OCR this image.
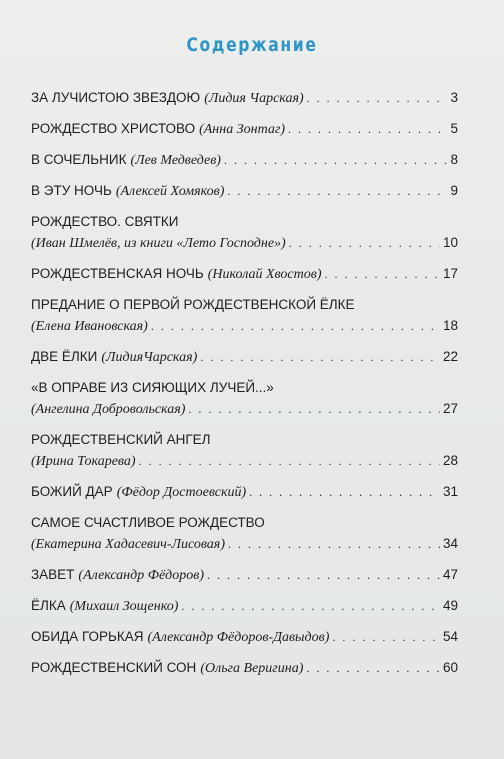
Содержание
ЗА ЛУЧИСТОЮ ЗВЕЗДОЮ (Лидия Чарская) . . .	3
РОЖДЕСТВО ХРИСТОВО (Анна Зонтаг) . . .	5
В СОЧЕЛЬНИК (Лев Медведев) . . .	8
В ЭТУ НОЧЬ (Алексей Хомяков) . . .	9
РОЖДЕСТВО. СВЯТКИ
(Иван Шмелёв, из книги «Лето Господне») . . .	10
РОЖДЕСТВЕНСКАЯ НОЧЬ (Николай Хвостов) . . .	17
ПРЕДАНИЕ О ПЕРВОЙ РОЖДЕСТВЕНСКОЙ ЁЛКЕ
(Елена Ивановская) . . .	18
ДВЕ ЁЛКИ (ЛидияЧарская) . . .	22
«В ОПРАВЕ ИЗ СИЯЮЩИХ ЛУЧЕЙ...»
(Ангелина Добровольская) . . .	27
РОЖДЕСТВЕНСКИЙ АНГЕЛ
(Ирина Токарева) . . .	28
БОЖИЙ ДАР (Фёдор Достоевский) . . .	31
САМОЕ СЧАСТЛИВОЕ РОЖДЕСТВО
(Екатерина Хадасевич-Лисовая) . . .	34
ЗАВЕТ (Александр Фёдоров) . . .	47
ЁЛКА (Михаил Зощенко) . . .	49
ОБИДА ГОРЬКАЯ (Александр Фёдоров-Давыдов) . . .	54
РОЖДЕСТВЕНСКИЙ СОН (Ольга Веригина) . . .	60
